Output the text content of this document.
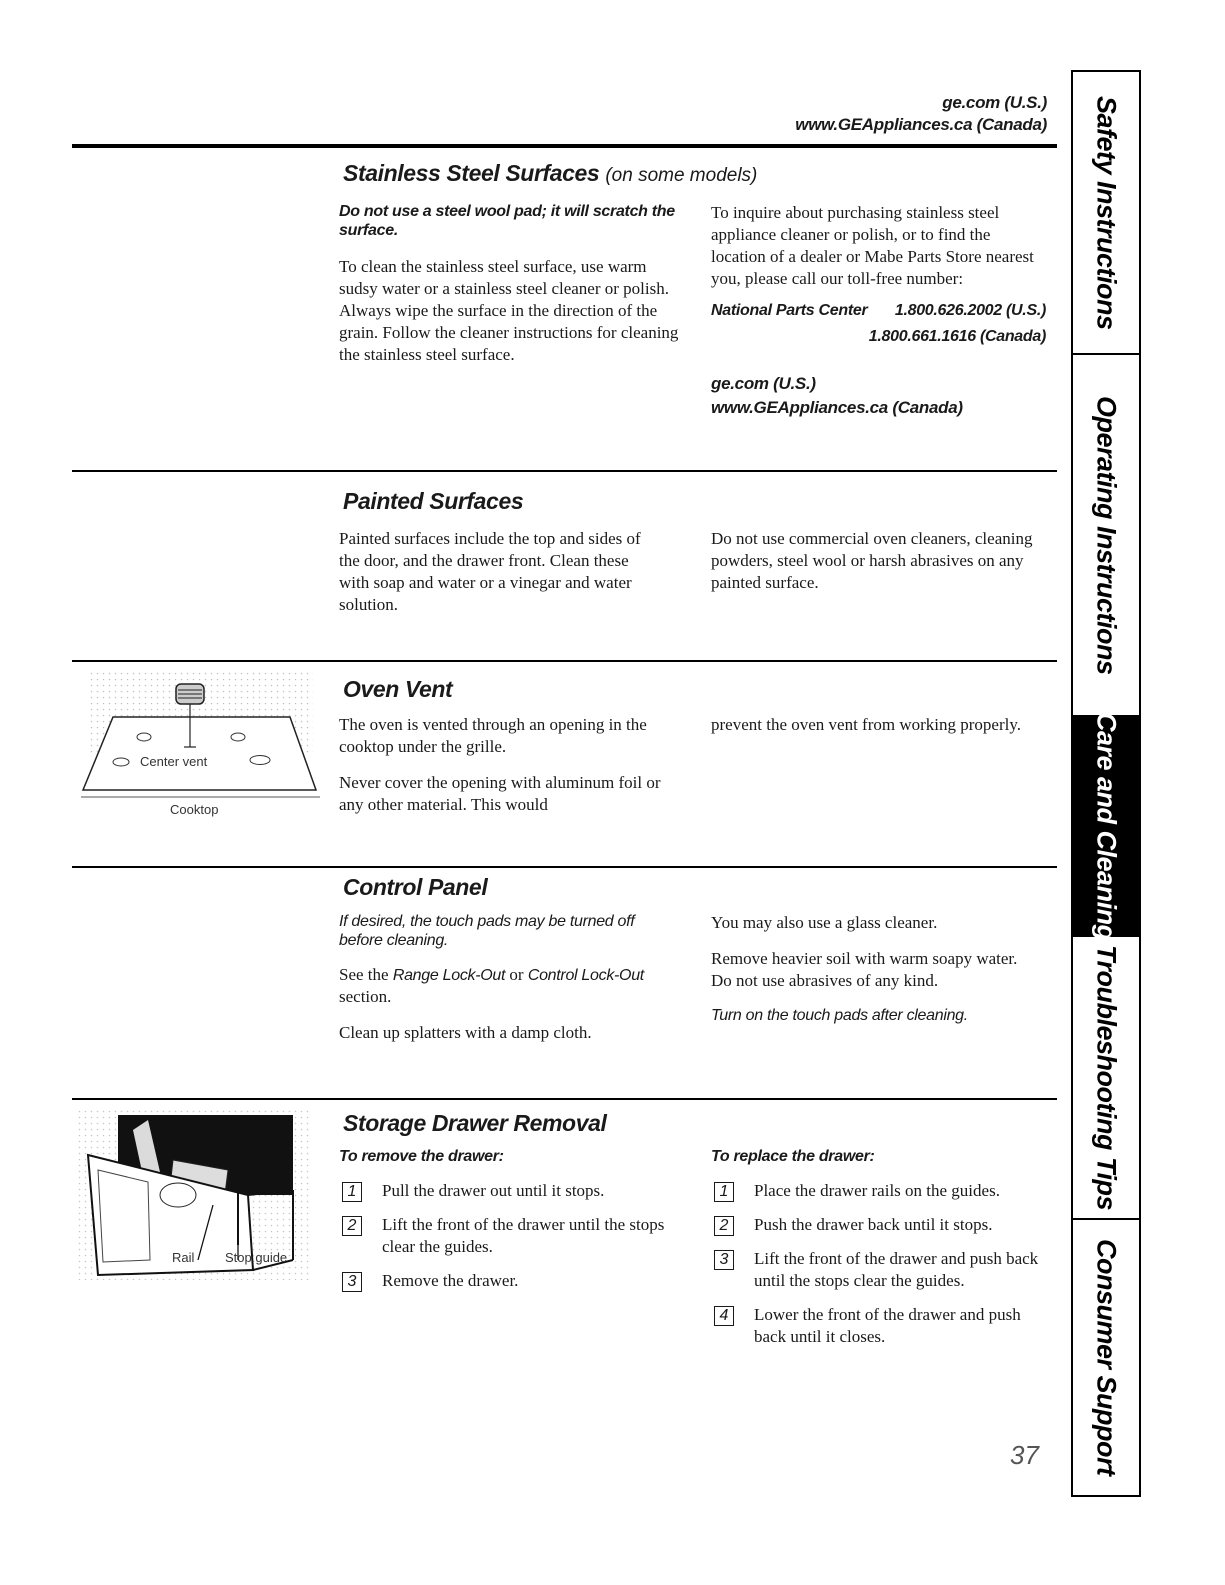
ge.com (U.S.)
www.GEAppliances.ca (Canada)
Stainless Steel Surfaces (on some models)

Do not use a steel wool pad; it will scratch the surface.

To clean the stainless steel surface, use warm sudsy water or a stainless steel cleaner or polish. Always wipe the surface in the direction of the grain. Follow the cleaner instructions for cleaning the stainless steel surface.

To inquire about purchasing stainless steel appliance cleaner or polish, or to find the location of a dealer or Mabe Parts Store nearest you, please call our toll-free number:

National Parts Center 1.800.626.2002 (U.S.)
1.800.661.1616 (Canada)
ge.com (U.S.)
www.GEAppliances.ca (Canada)
Painted Surfaces

Painted surfaces include the top and sides of the door, and the drawer front. Clean these with soap and water or a vinegar and water solution.

Do not use commercial oven cleaners, cleaning powders, steel wool or harsh abrasives on any painted surface.

Center vent
Cooktop
Oven Vent

The oven is vented through an opening in the cooktop under the grille.

Never cover the opening with aluminum foil or any other material. This would

prevent the oven vent from working properly.

Control Panel

If desired, the touch pads may be turned off before cleaning.

See the Range Lock-Out or Control Lock-Out section.

Clean up splatters with a damp cloth.

You may also use a glass cleaner.

Remove heavier soil with warm soapy water. Do not use abrasives of any kind.

Turn on the touch pads after cleaning.

Rail Stop guide
Storage Drawer Removal
To remove the drawer:
1	Pull the drawer out until it stops.
2	Lift the front of the drawer until the stops clear the guides.
3	Remove the drawer.
To replace the drawer:
1	Place the drawer rails on the guides.
2	Push the drawer back until it stops.
3	Lift the front of the drawer and push back until the stops clear the guides.
4	Lower the front of the drawer and push back until it closes.
37
Safety Instructions
Operating Instructions
Care and Cleaning
Troubleshooting Tips
Consumer Support
